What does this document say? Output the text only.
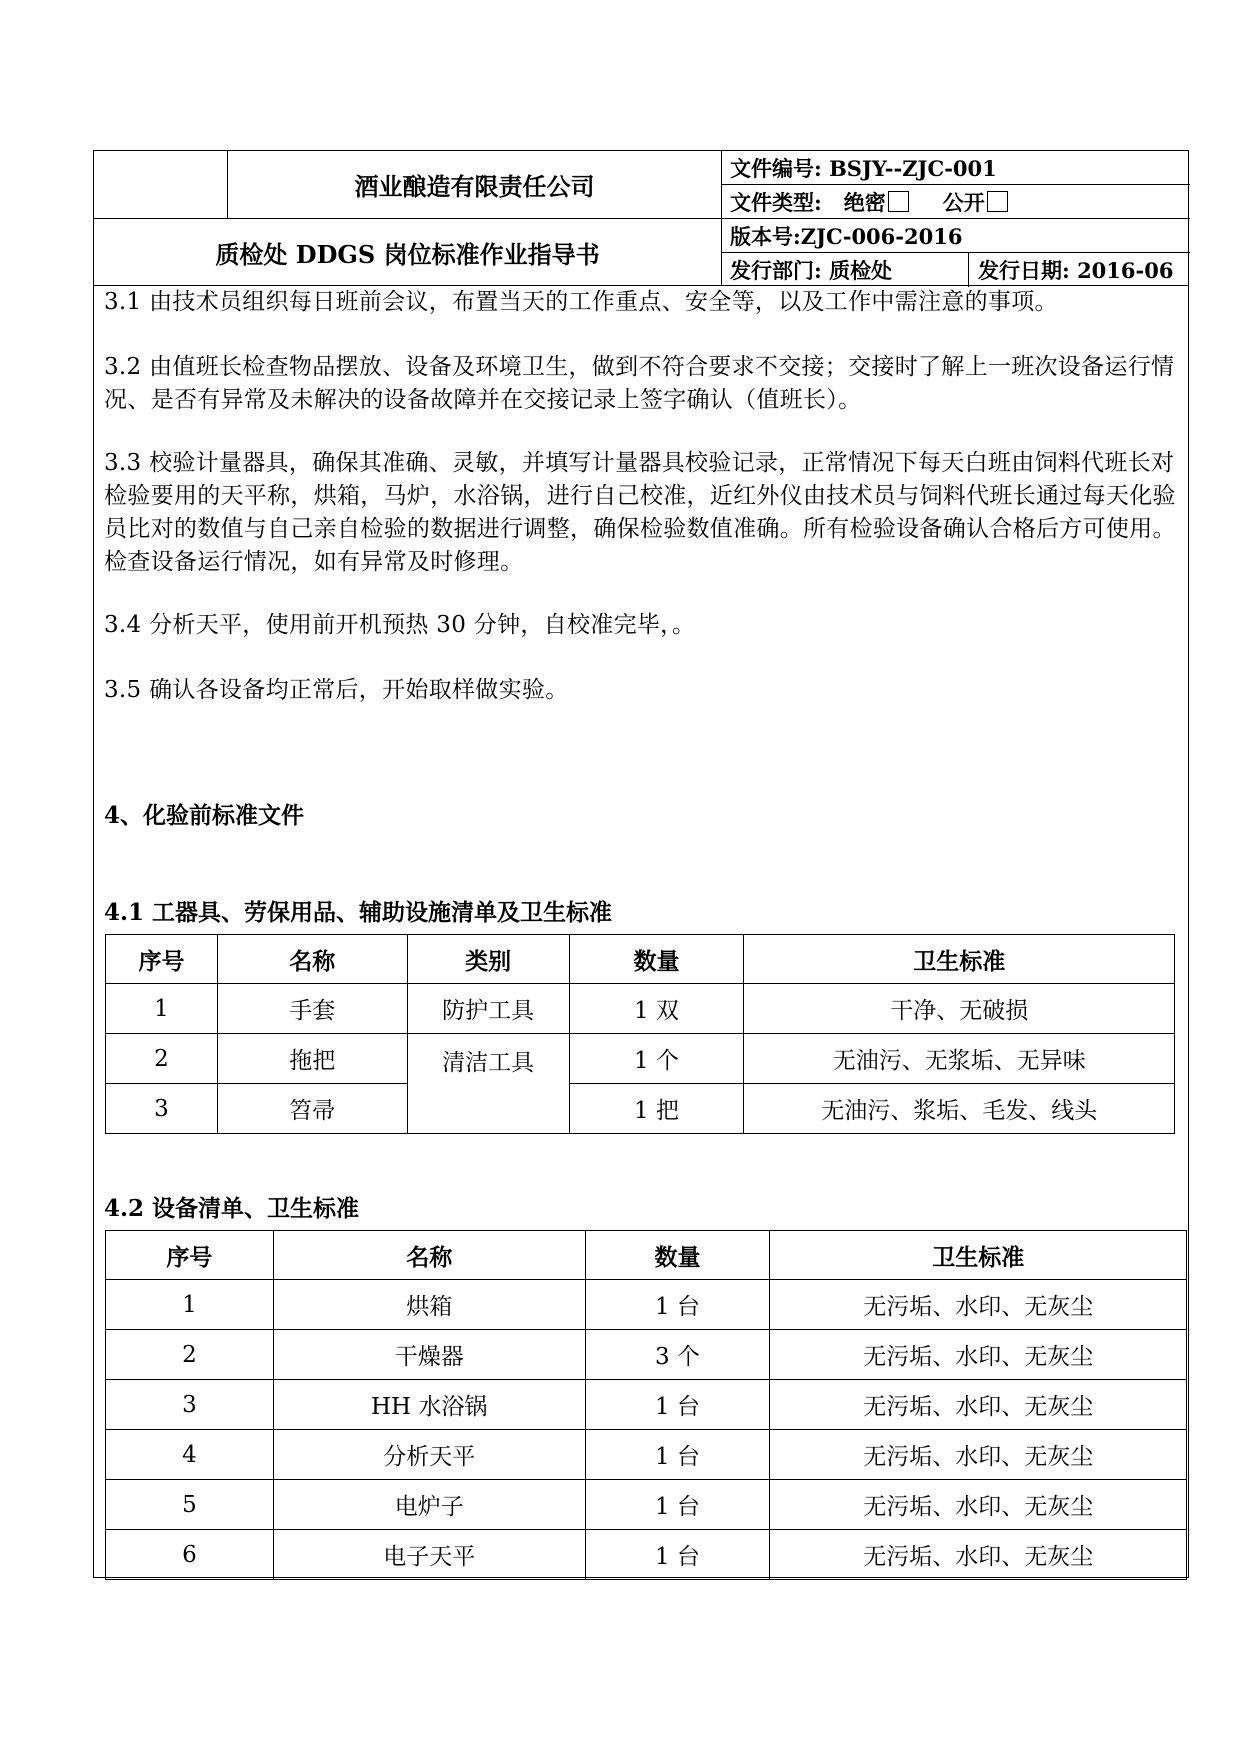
酒业酿造有限责任公司
质检处 DDGS 岗位标准作业指导书
文件编号: BSJY--ZJC-001
文件类型: 绝密	公开
版本号:ZJC-006-2016
发行部门: 质检处	发行日期: 2016-06
3.1 由技术员组织每日班前会议，布置当天的工作重点、安全等，以及工作中需注意的事项。
3.2 由值班长检查物品摆放、设备及环境卫生，做到不符合要求不交接；交接时了解上一班次设备运行情况、是否有异常及未解决的设备故障并在交接记录上签字确认（值班长）。
3.3 校验计量器具，确保其准确、灵敏，并填写计量器具校验记录，正常情况下每天白班由饲料代班长对检验要用的天平称，烘箱，马炉，水浴锅，进行自己校准，近红外仪由技术员与饲料代班长通过每天化验员比对的数值与自己亲自检验的数据进行调整，确保检验数值准确。所有检验设备确认合格后方可使用。检查设备运行情况，如有异常及时修理。
3.4 分析天平，使用前开机预热 30 分钟，自校准完毕，。
3.5 确认各设备均正常后，开始取样做实验。
4、化验前标准文件
4.1 工器具、劳保用品、辅助设施清单及卫生标准
序号	名称	类别	数量	卫生标准
1	手套	防护工具	1 双	干净、无破损
2	拖把	清洁工具	1 个	无油污、无浆垢、无异味
3	笤帚		1 把	无油污、浆垢、毛发、线头
4.2 设备清单、卫生标准
序号	名称	数量	卫生标准
1	烘箱	1 台	无污垢、水印、无灰尘
2	干燥器	3 个	无污垢、水印、无灰尘
3	HH 水浴锅	1 台	无污垢、水印、无灰尘
4	分析天平	1 台	无污垢、水印、无灰尘
5	电炉子	1 台	无污垢、水印、无灰尘
6	电子天平	1 台	无污垢、水印、无灰尘
